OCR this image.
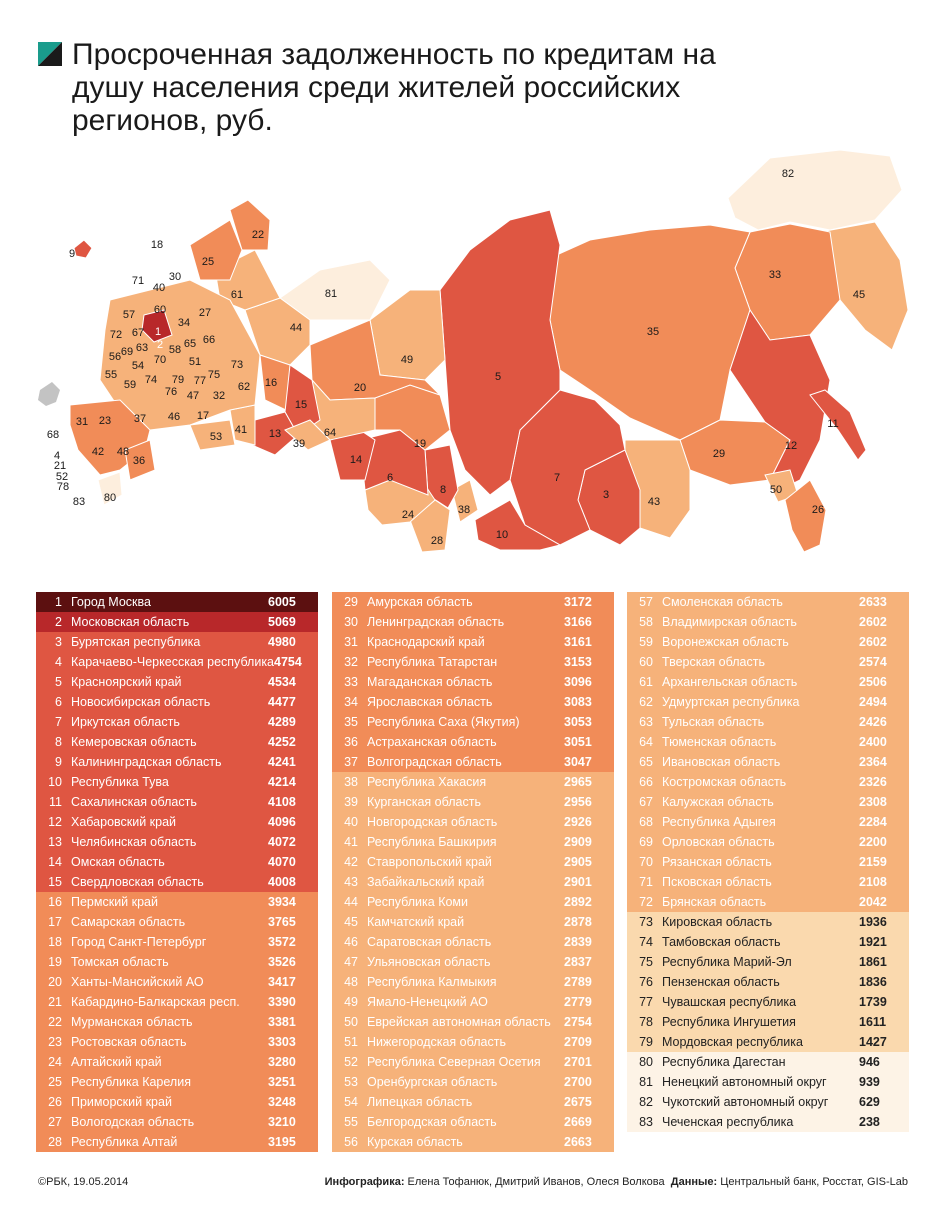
Просроченная задолженность по кредитам на душу населения среди жителей российских регионов, руб.
1
2
3
4
5
6	7
8
9
10
11
12
13
14
15
16
17
18
19
20
21
22
23
24
25
26
27
28
29
30
31
32
33
34
35
36
37
38
39
40
41
42
43
44
45
46
47
48
49
50
51
52
53
54
55
56
57
58
59
60
61
62
63
64
65 66
67
68
69
70
71
72
73
74	75
76
77
78
79
80
81
82
83
1 Город Москва	6005
2 Московская область	5069
3 Бурятская республика	4980
4 Карачаево-Черкесская республика 4754
5 Красноярский край	4534
6 Новосибирская область	4477
7 Иркутская область	4289
8 Кемеровская область	4252
9 Калининградская область	4241
10 Республика Тува	4214
11 Сахалинская область	4108
12 Хабаровский край	4096
13 Челябинская область	4072
14 Омская область	4070
15 Свердловская область	4008
16 Пермский край	3934
17 Самарская область	3765
18 Город Санкт-Петербург	3572
19 Томская область	3526
20 Ханты-Мансийский АО	3417
21 Кабардино-Балкарская респ.	3390
22 Мурманская область	3381
23 Ростовская область	3303
24 Алтайский край	3280
25 Республика Карелия	3251
26 Приморский край	3248
27 Вологодская область	3210
28 Республика Алтай	3195
29 Амурская область	3172
30 Ленинградская область	3166
31 Краснодарский край	3161
32 Республика Татарстан	3153
33 Магаданская область	3096
34 Ярославская область	3083
35 Республика Саха (Якутия)	3053
36 Астраханская область	3051
37 Волгоградская область	3047
38 Республика Хакасия	2965
39 Курганская область	2956
40 Новгородская область	2926
41 Республика Башкирия	2909
42 Ставропольский край	2905
43 Забайкальский край	2901
44 Республика Коми	2892
45 Камчатский край	2878
46 Саратовская область	2839
47 Ульяновская область	2837
48 Республика Калмыкия	2789
49 Ямало-Ненецкий АО	2779
50 Еврейская автономная область	2754
51 Нижегородская область	2709
52 Республика Северная Осетия	2701
53 Оренбургская область	2700
54 Липецкая область	2675
55 Белгородская область	2669
56 Курская область	2663
57 Смоленская область	2633
58 Владимирская область	2602
59 Воронежская область	2602
60 Тверская область	2574
61 Архангельская область	2506
62 Удмуртская республика	2494
63 Тульская область	2426
64 Тюменская область	2400
65 Ивановская область	2364
66 Костромская область	2326
67 Калужская область	2308
68 Республика Адыгея	2284
69 Орловская область	2200
70 Рязанская область	2159
71 Псковская область	2108
72 Брянская область	2042
73 Кировская область	1936
74 Тамбовская область	1921
75 Республика Марий-Эл	1861
76 Пензенская область	1836
77 Чувашская республика	1739
78 Республика Ингушетия	1611
79 Мордовская республика	1427
80 Республика Дагестан	946
81 Ненецкий автономный округ	939
82 Чукотский автономный округ	629
83 Чеченская республика	238
©РБК, 19.05.2014	Инфографика: Елена Тофанюк, Дмитрий Иванов, Олеся Волкова Данные: Центральный банк, Росстат, GIS-Lab
